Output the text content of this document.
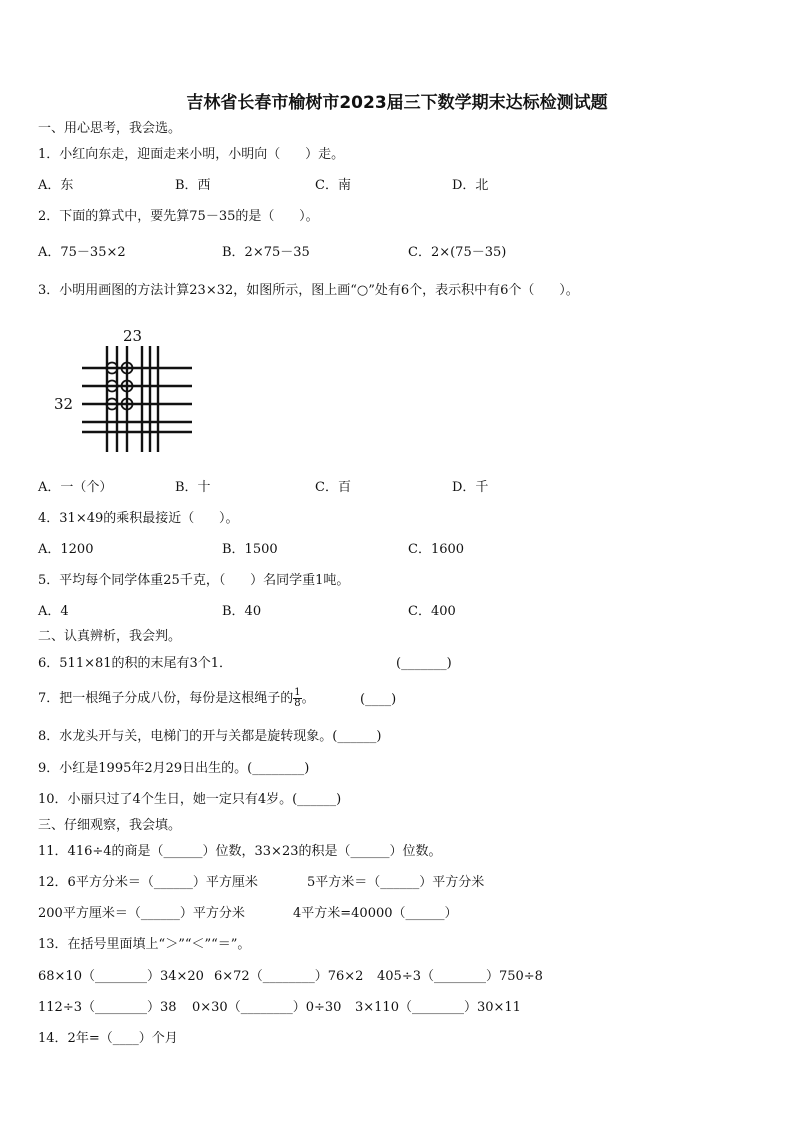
吉林省长春市榆树市2023届三下数学期末达标检测试题
一、用心思考，我会选。
1．小红向东走，迎面走来小明，小明向（      ）走。
A．东	B．西	C．南	D．北
2．下面的算式中，要先算75－35的是（      ）。
A．75－35×2	B．2×75－35	C．2×(75－35)
3．小明用画图的方法计算23×32，如图所示，图上画“○”处有6个，表示积中有6个（      ）。
23
32
A．一（个）	B．十	C．百	D．千
4．31×49的乘积最接近（      ）。
A．1200	B．1500	C．1600
5．平均每个同学体重25千克，（      ）名同学重1吨。
A．4	B．40	C．400
二、认真辨析，我会判。
6．511×81的积的末尾有3个1．	(_______)
7．把一根绳子分成八份，每份是这根绳子的 $\frac{1}{8}$ 。	(____)
8．水龙头开与关，电梯门的开与关都是旋转现象。(______)
9．小红是1995年2月29日出生的。(________)
10．小丽只过了4个生日，她一定只有4岁。(______)
三、仔细观察，我会填。
11．416÷4的商是（______）位数，33×23的积是（______）位数。
12．6平方分米＝（______）平方厘米	5平方米＝（______）平方分米
200平方厘米＝（______）平方分米	4平方米=40000（______）
13．在括号里面填上“＞”“＜”“＝”。
68×10（________）34×20 6×72（________）76×2 405÷3（________）750÷8
112÷3（________）38 0×30（________）0÷30 3×110（________）30×11
14．2年=（____）个月
